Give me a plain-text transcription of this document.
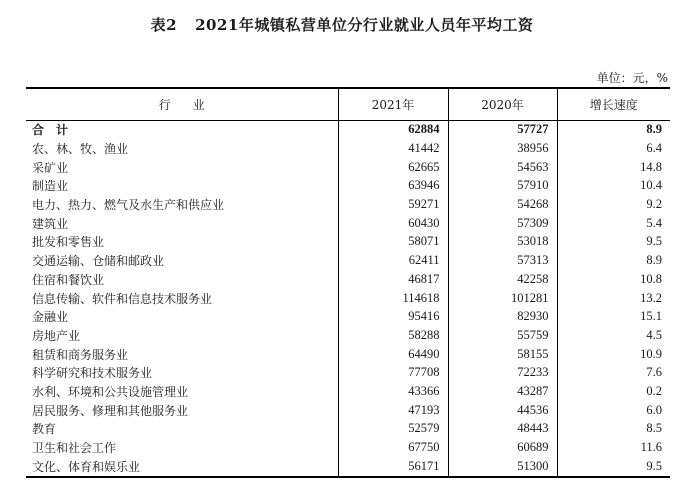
表2 2021年城镇私营单位分行业就业人员年平均工资
单位：元，%
行业	2021年	2020年	增长速度
合计	62884	57727	8.9
农、林、牧、渔业	41442	38956	6.4
采矿业	62665	54563	14.8
制造业	63946	57910	10.4
电力、热力、燃气及水生产和供应业	59271	54268	9.2
建筑业	60430	57309	5.4
批发和零售业	58071	53018	9.5
交通运输、仓储和邮政业	62411	57313	8.9
住宿和餐饮业	46817	42258	10.8
信息传输、软件和信息技术服务业	114618	101281	13.2
金融业	95416	82930	15.1
房地产业	58288	55759	4.5
租赁和商务服务业	64490	58155	10.9
科学研究和技术服务业	77708	72233	7.6
水利、环境和公共设施管理业	43366	43287	0.2
居民服务、修理和其他服务业	47193	44536	6.0
教育	52579	48443	8.5
卫生和社会工作	67750	60689	11.6
文化、体育和娱乐业	56171	51300	9.5
